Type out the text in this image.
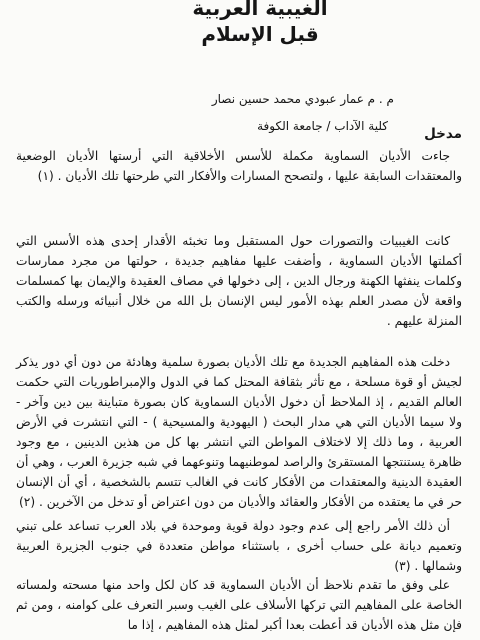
الغيبية العربية
قبل الإسلام
م . م عمار عبودي محمد حسين نصار
كلية الآداب / جامعة الكوفة	مدخل

جاءت الأديان السماوية مكملة للأسس الأخلاقية التي أرستها الأديان الوضعية والمعتقدات السابقة عليها ، ولتصحح المسارات والأفكار التي طرحتها تلك الأديان . (١)

كانت الغيبيات والتصورات حول المستقبل وما تخبئه الأقدار إحدى هذه الأسس التي أكملتها الأديان السماوية ، وأضفت عليها مفاهيم جديدة ، حولتها من مجرد ممارسات وكلمات ينفثها الكهنة ورجال الدين ، إلى دخولها في مصاف العقيدة والإيمان بها كمسلمات واقعة لأن مصدر العلم بهذه الأمور ليس الإنسان بل الله من خلال أنبيائه ورسله والكتب المنزلة عليهم .

دخلت هذه المفاهيم الجديدة مع تلك الأديان بصورة سلمية وهادئة من دون أي دور يذكر لجيش أو قوة مسلحة ، مع تأثر بثقافة المحتل كما في الدول والإمبراطوريات التي حكمت العالم القديم ، إذ الملاحظ أن دخول الأديان السماوية كان بصورة متباينة بين دين وآخر - ولا سيما الأديان التي هي مدار البحث ( اليهودية والمسيحية ) - التي انتشرت في الأرض العربية ، وما ذلك إلا لاختلاف المواطن التي انتشر بها كل من هذين الدينين ، مع وجود ظاهرة يستنتجها المستقرئ والراصد لموطنيهما وتنوعهما في شبه جزيرة العرب ، وهي أن العقيدة الدينية والمعتقدات من الأفكار كانت في الغالب تتسم بالشخصية ، أي أن الإنسان حر في ما يعتقده من الأفكار والعقائد والأديان من دون اعتراض أو تدخل من الآخرين . (٢)

أن ذلك الأمر راجع إلى عدم وجود دولة قوية وموحدة في بلاد العرب تساعد على تبني وتعميم ديانة على حساب أخرى ، باستثناء مواطن متعددة في جنوب الجزيرة العربية وشمالها . (٣)

على وفق ما تقدم نلاحظ أن الأديان السماوية قد كان لكل واحد منها مسحته ولمساته الخاصة على المفاهيم التي تركها الأسلاف على الغيب وسبر التعرف على كوامنه ، ومن ثم فإن مثل هذه الأديان قد أعطت بعدا أكبر لمثل هذه المفاهيم ، إذا ما
